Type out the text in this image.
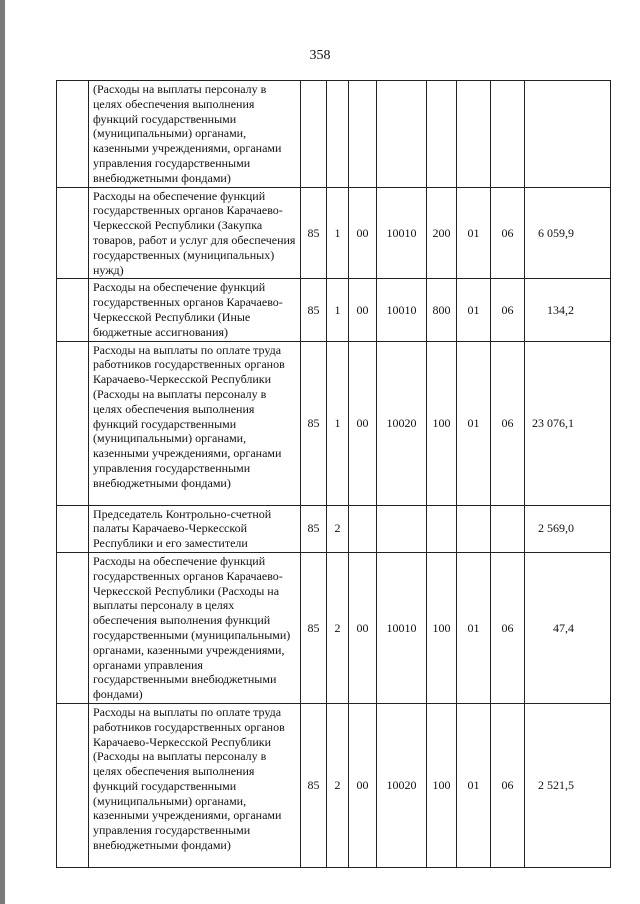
358
	(Расходы на выплаты персоналу в целях обеспечения выполнения функций государственными (муниципальными) органами, казенными учреждениями, органами управления государственными внебюджетными фондами)								
	Расходы на обеспечение функций государственных органов Карачаево-Черкесской Республики (Закупка товаров, работ и услуг для обеспечения государственных (муниципальных) нужд)	85	1	00	10010	200	01	06	6 059,9
	Расходы на обеспечение функций государственных органов Карачаево-Черкесской Республики (Иные бюджетные ассигнования)	85	1	00	10010	800	01	06	134,2
	Расходы на выплаты по оплате труда работников государственных органов Карачаево-Черкесской Республики (Расходы на выплаты персоналу в целях обеспечения выполнения функций государственными (муниципальными) органами, казенными учреждениями, органами управления государственными внебюджетными фондами)	85	1	00	10020	100	01	06	23 076,1
	Председатель Контрольно-счетной палаты Карачаево-Черкесской Республики и его заместители	85	2						2 569,0
	Расходы на обеспечение функций государственных органов Карачаево-Черкесской Республики (Расходы на выплаты персоналу в целях обеспечения выполнения функций государственными (муниципальными) органами, казенными учреждениями, органами управления государственными внебюджетными фондами)	85	2	00	10010	100	01	06	47,4
	Расходы на выплаты по оплате труда работников государственных органов Карачаево-Черкесской Республики (Расходы на выплаты персоналу в целях обеспечения выполнения функций государственными (муниципальными) органами, казенными учреждениями, органами управления государственными внебюджетными фондами)	85	2	00	10020	100	01	06	2 521,5
